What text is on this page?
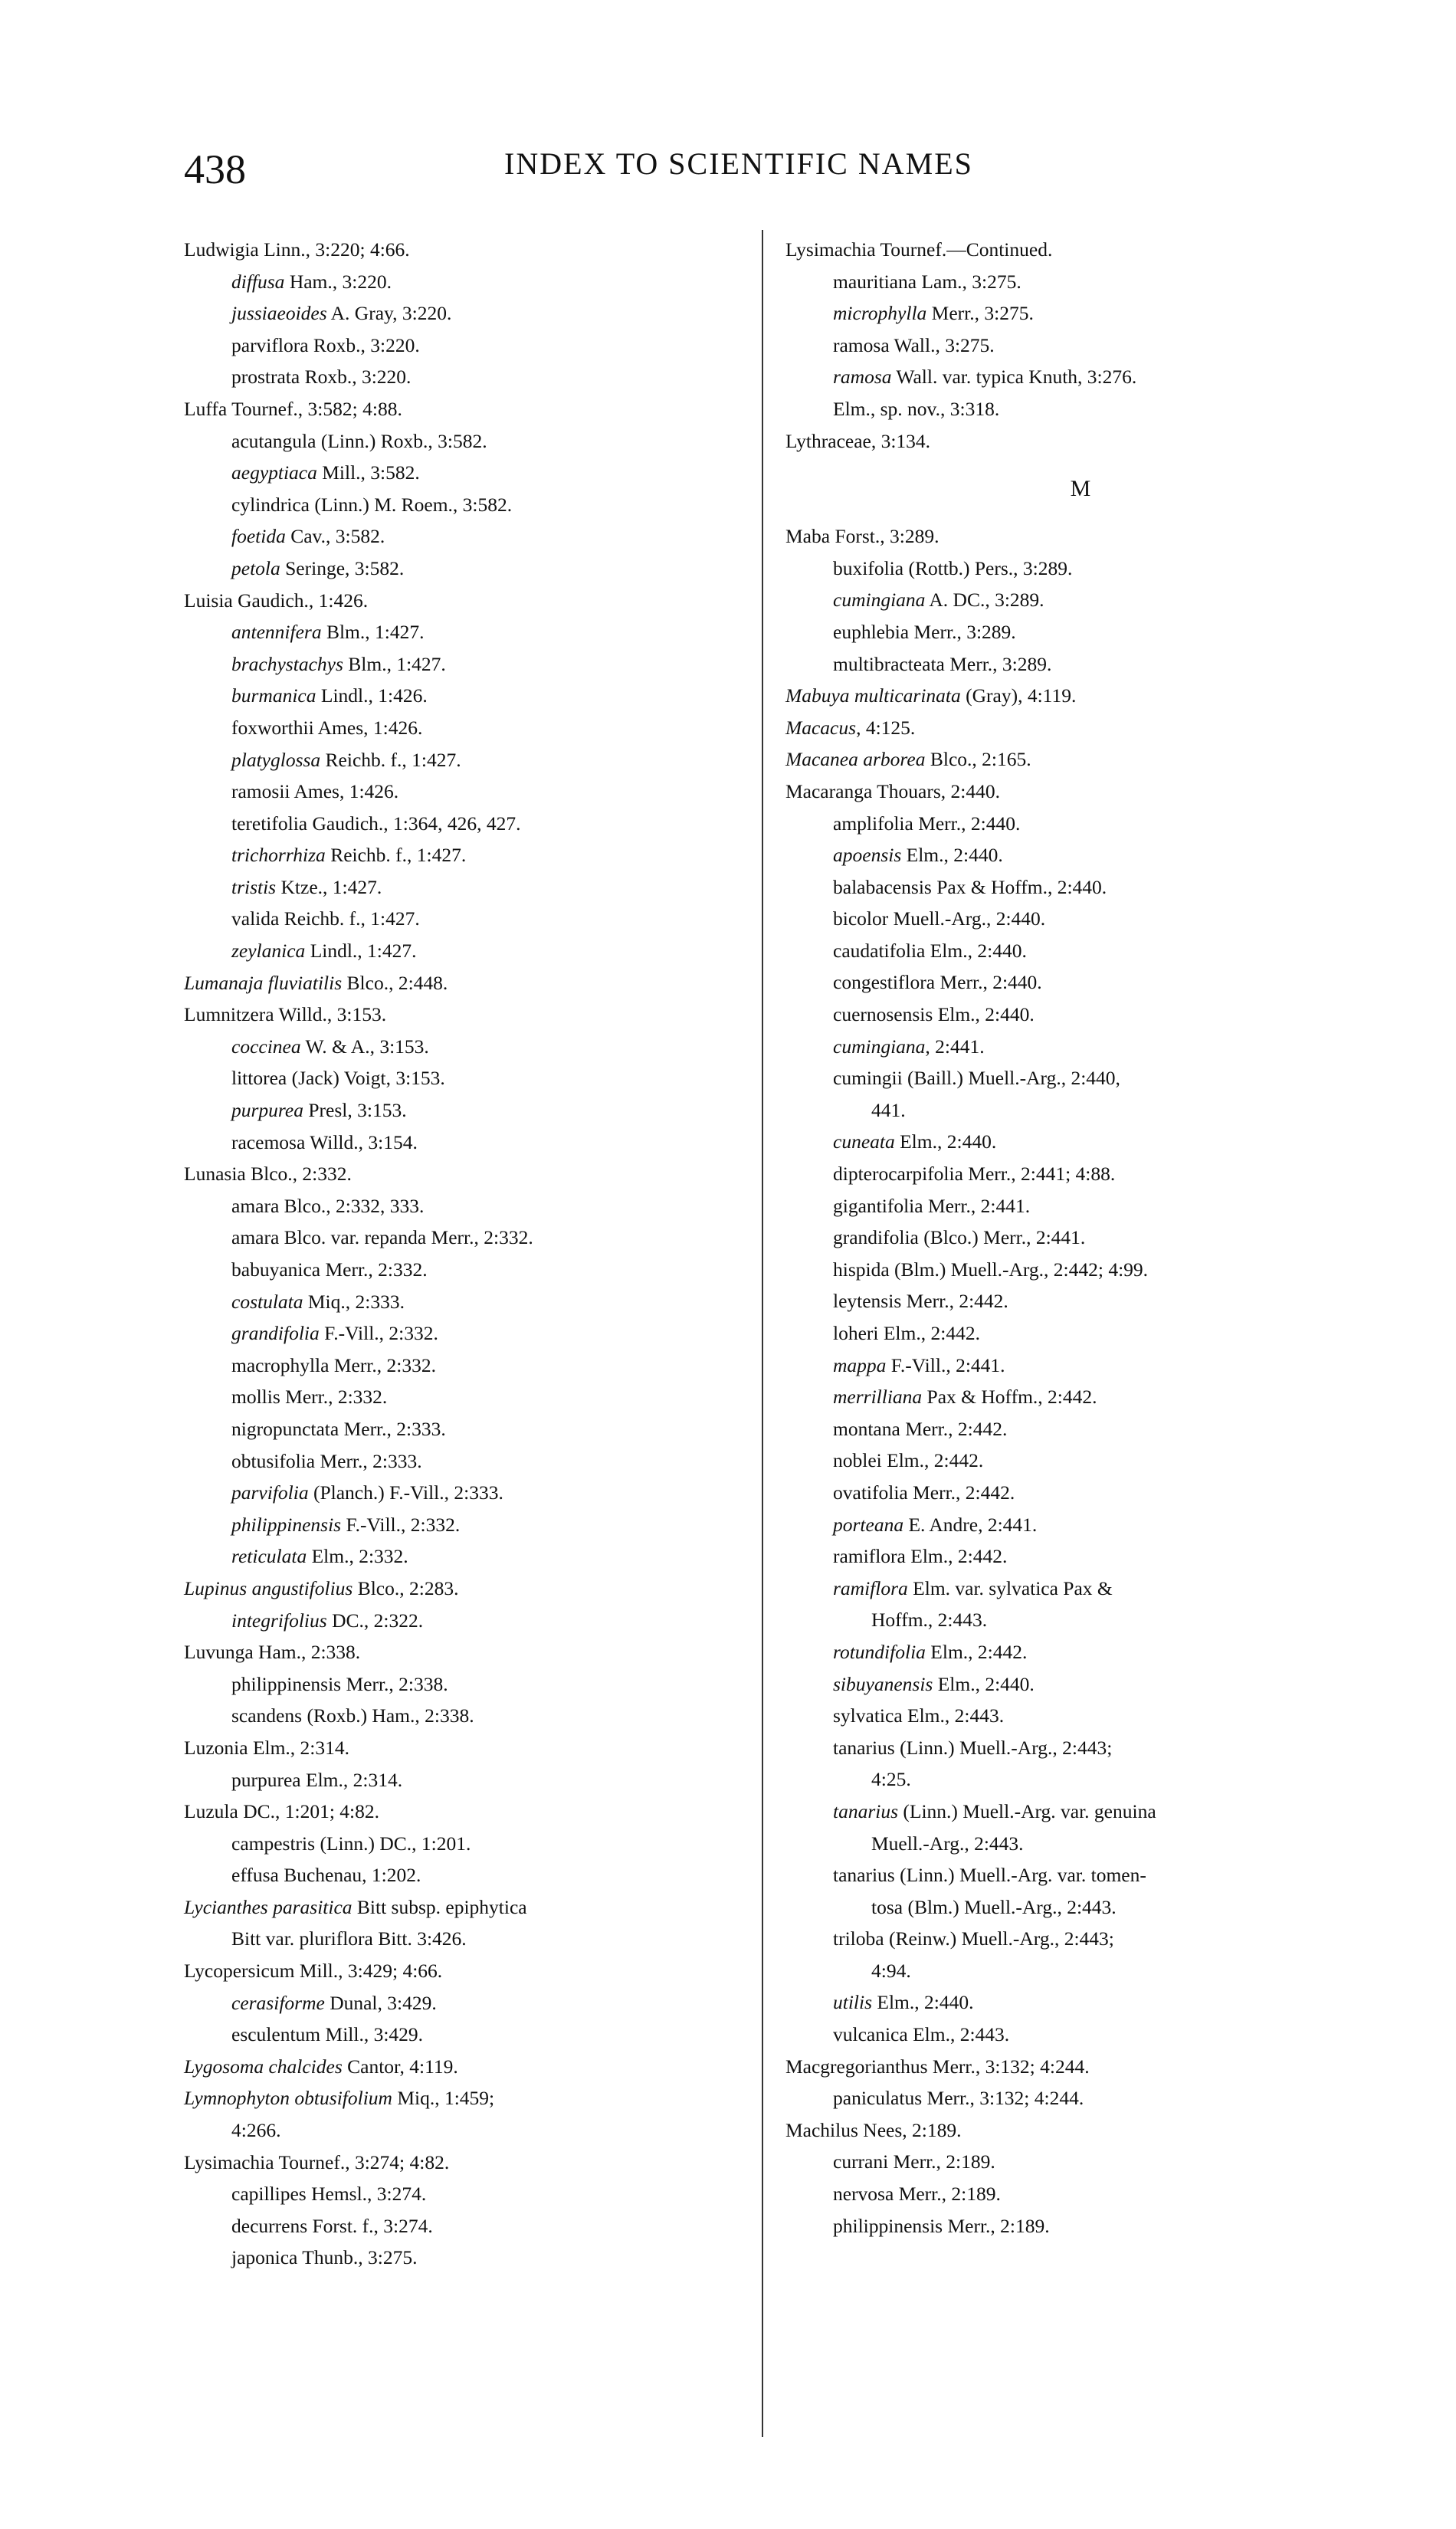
438	INDEX TO SCIENTIFIC NAMES
Ludwigia Linn., 3:220; 4:66.
diffusa Ham., 3:220.
jussiaeoides A. Gray, 3:220.
parviflora Roxb., 3:220.
prostrata Roxb., 3:220.
Luffa Tournef., 3:582; 4:88.
acutangula (Linn.) Roxb., 3:582.
aegyptiaca Mill., 3:582.
cylindrica (Linn.) M. Roem., 3:582.
foetida Cav., 3:582.
petola Seringe, 3:582.
Luisia Gaudich., 1:426.
antennifera Blm., 1:427.
brachystachys Blm., 1:427.
burmanica Lindl., 1:426.
foxworthii Ames, 1:426.
platyglossa Reichb. f., 1:427.
ramosii Ames, 1:426.
teretifolia Gaudich., 1:364, 426, 427.
trichorrhiza Reichb. f., 1:427.
tristis Ktze., 1:427.
valida Reichb. f., 1:427.
zeylanica Lindl., 1:427.
Lumanaja fluviatilis Blco., 2:448.
Lumnitzera Willd., 3:153.
coccinea W. & A., 3:153.
littorea (Jack) Voigt, 3:153.
purpurea Presl, 3:153.
racemosa Willd., 3:154.
Lunasia Blco., 2:332.
amara Blco., 2:332, 333.
amara Blco. var. repanda Merr., 2:332.
babuyanica Merr., 2:332.
costulata Miq., 2:333.
grandifolia F.-Vill., 2:332.
macrophylla Merr., 2:332.
mollis Merr., 2:332.
nigropunctata Merr., 2:333.
obtusifolia Merr., 2:333.
parvifolia (Planch.) F.-Vill., 2:333.
philippinensis F.-Vill., 2:332.
reticulata Elm., 2:332.
Lupinus angustifolius Blco., 2:283.
integrifolius DC., 2:322.
Luvunga Ham., 2:338.
philippinensis Merr., 2:338.
scandens (Roxb.) Ham., 2:338.
Luzonia Elm., 2:314.
purpurea Elm., 2:314.
Luzula DC., 1:201; 4:82.
campestris (Linn.) DC., 1:201.
effusa Buchenau, 1:202.
Lycianthes parasitica Bitt subsp. epiphytica
Bitt var. pluriflora Bitt. 3:426.
Lycopersicum Mill., 3:429; 4:66.
cerasiforme Dunal, 3:429.
esculentum Mill., 3:429.
Lygosoma chalcides Cantor, 4:119.
Lymnophyton obtusifolium Miq., 1:459;
4:266.
Lysimachia Tournef., 3:274; 4:82.
capillipes Hemsl., 3:274.
decurrens Forst. f., 3:274.
japonica Thunb., 3:275.
Lysimachia Tournef.—Continued.
mauritiana Lam., 3:275.
microphylla Merr., 3:275.
ramosa Wall., 3:275.
ramosa Wall. var. typica Knuth, 3:276.
Elm., sp. nov., 3:318.
Lythraceae, 3:134.
M
Maba Forst., 3:289.
buxifolia (Rottb.) Pers., 3:289.
cumingiana A. DC., 3:289.
euphlebia Merr., 3:289.
multibracteata Merr., 3:289.
Mabuya multicarinata (Gray), 4:119.
Macacus, 4:125.
Macanea arborea Blco., 2:165.
Macaranga Thouars, 2:440.
amplifolia Merr., 2:440.
apoensis Elm., 2:440.
balabacensis Pax & Hoffm., 2:440.
bicolor Muell.-Arg., 2:440.
caudatifolia Elm., 2:440.
congestiflora Merr., 2:440.
cuernosensis Elm., 2:440.
cumingiana, 2:441.
cumingii (Baill.) Muell.-Arg., 2:440,
441.
cuneata Elm., 2:440.
dipterocarpifolia Merr., 2:441; 4:88.
gigantifolia Merr., 2:441.
grandifolia (Blco.) Merr., 2:441.
hispida (Blm.) Muell.-Arg., 2:442; 4:99.
leytensis Merr., 2:442.
loheri Elm., 2:442.
mappa F.-Vill., 2:441.
merrilliana Pax & Hoffm., 2:442.
montana Merr., 2:442.
noblei Elm., 2:442.
ovatifolia Merr., 2:442.
porteana E. Andre, 2:441.
ramiflora Elm., 2:442.
ramiflora Elm. var. sylvatica Pax &
Hoffm., 2:443.
rotundifolia Elm., 2:442.
sibuyanensis Elm., 2:440.
sylvatica Elm., 2:443.
tanarius (Linn.) Muell.-Arg., 2:443;
4:25.
tanarius (Linn.) Muell.-Arg. var. genuina
Muell.-Arg., 2:443.
tanarius (Linn.) Muell.-Arg. var. tomen-
tosa (Blm.) Muell.-Arg., 2:443.
triloba (Reinw.) Muell.-Arg., 2:443;
4:94.
utilis Elm., 2:440.
vulcanica Elm., 2:443.
Macgregorianthus Merr., 3:132; 4:244.
paniculatus Merr., 3:132; 4:244.
Machilus Nees, 2:189.
currani Merr., 2:189.
nervosa Merr., 2:189.
philippinensis Merr., 2:189.
